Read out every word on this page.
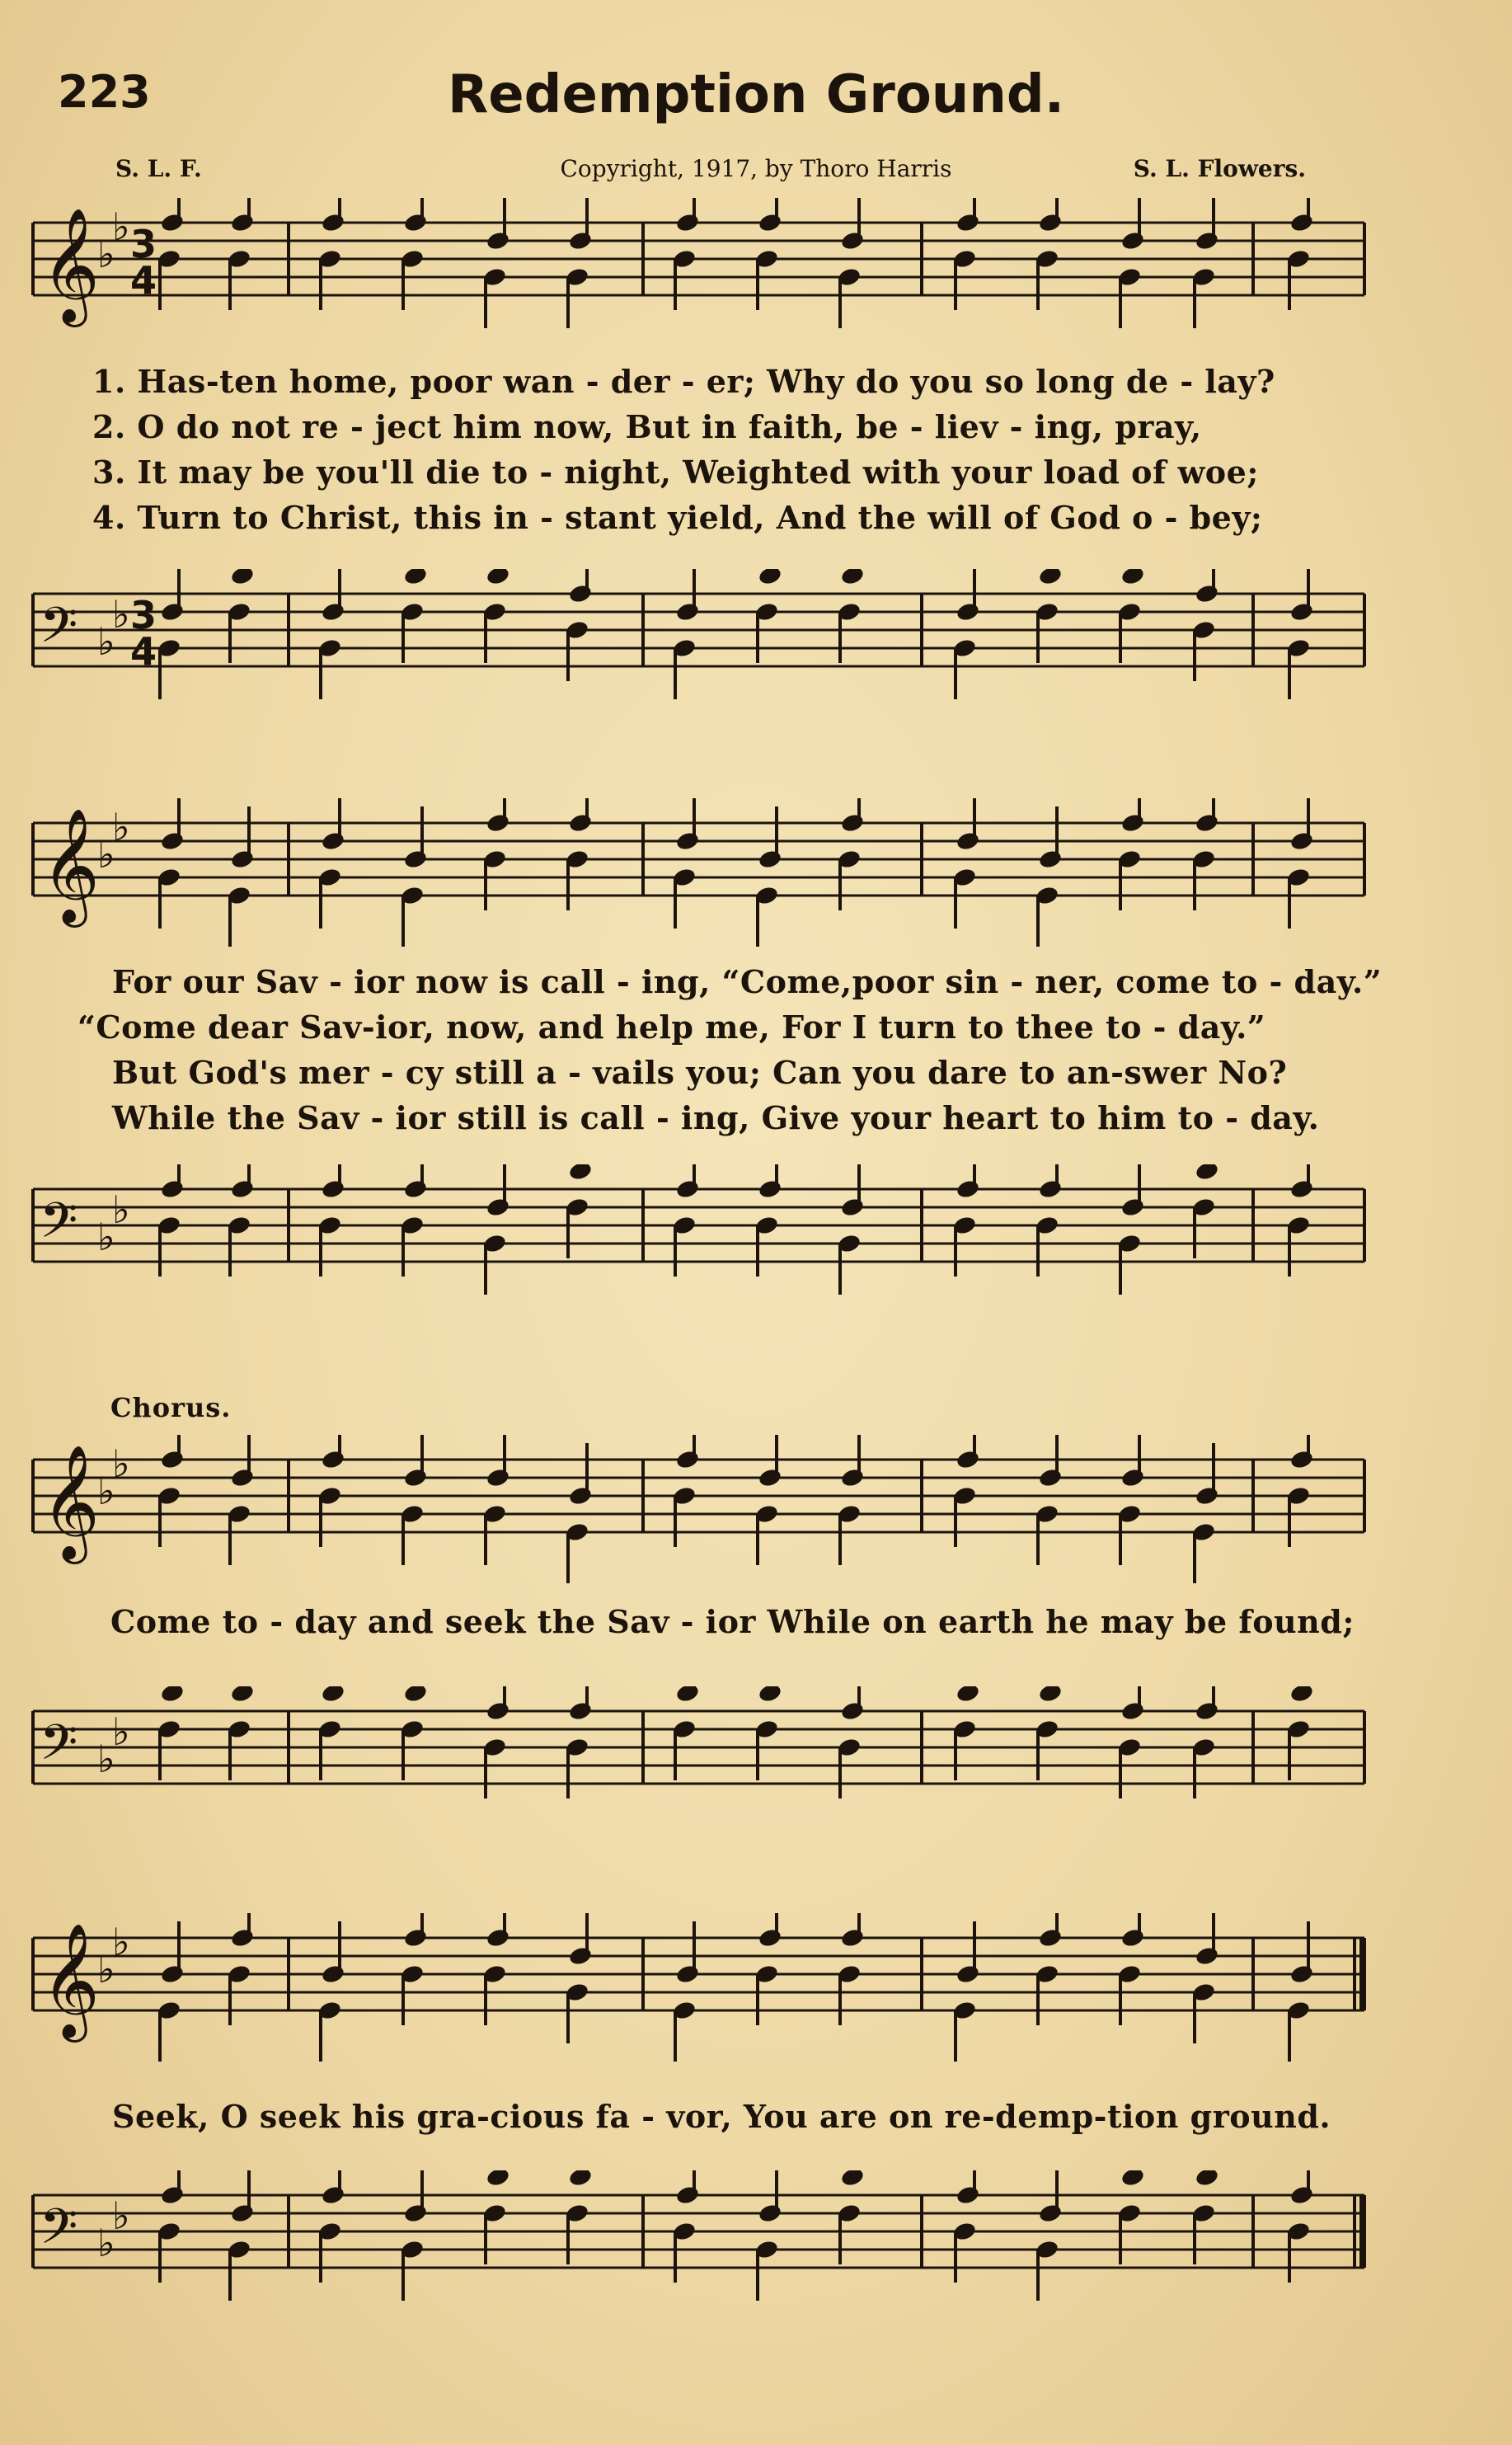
223	Redemption Ground.
S. L. F.	Copyright, 1917, by Thoro Harris	S. L. Flowers.
𝄞
♭
♭ 3
4
1. Has-ten home, poor wan - der - er; Why do you so long de - lay?
2. O do not re - ject him now, But in faith, be - liev - ing, pray,
3. It may be you'll die to - night, Weighted with your load of woe;
4. Turn to Christ, this in - stant yield, And the will of God o - bey;
𝄢 ♭
♭ 3
4
𝄞
♭
♭
For our Sav - ior now is call - ing, “Come,poor sin - ner, come to - day.”
“Come dear Sav-ior, now, and help me, For I turn to thee to - day.”
But God's mer - cy still a - vails you; Can you dare to an-swer No?
While the Sav - ior still is call - ing, Give your heart to him to - day.
𝄢 ♭
♭
Chorus.
𝄞
♭
♭
Come to - day and seek the Sav - ior While on earth he may be found;
𝄢 ♭
♭
𝄞
♭
♭
Seek, O seek his gra-cious fa - vor, You are on re-demp-tion ground.
𝄢 ♭
♭
